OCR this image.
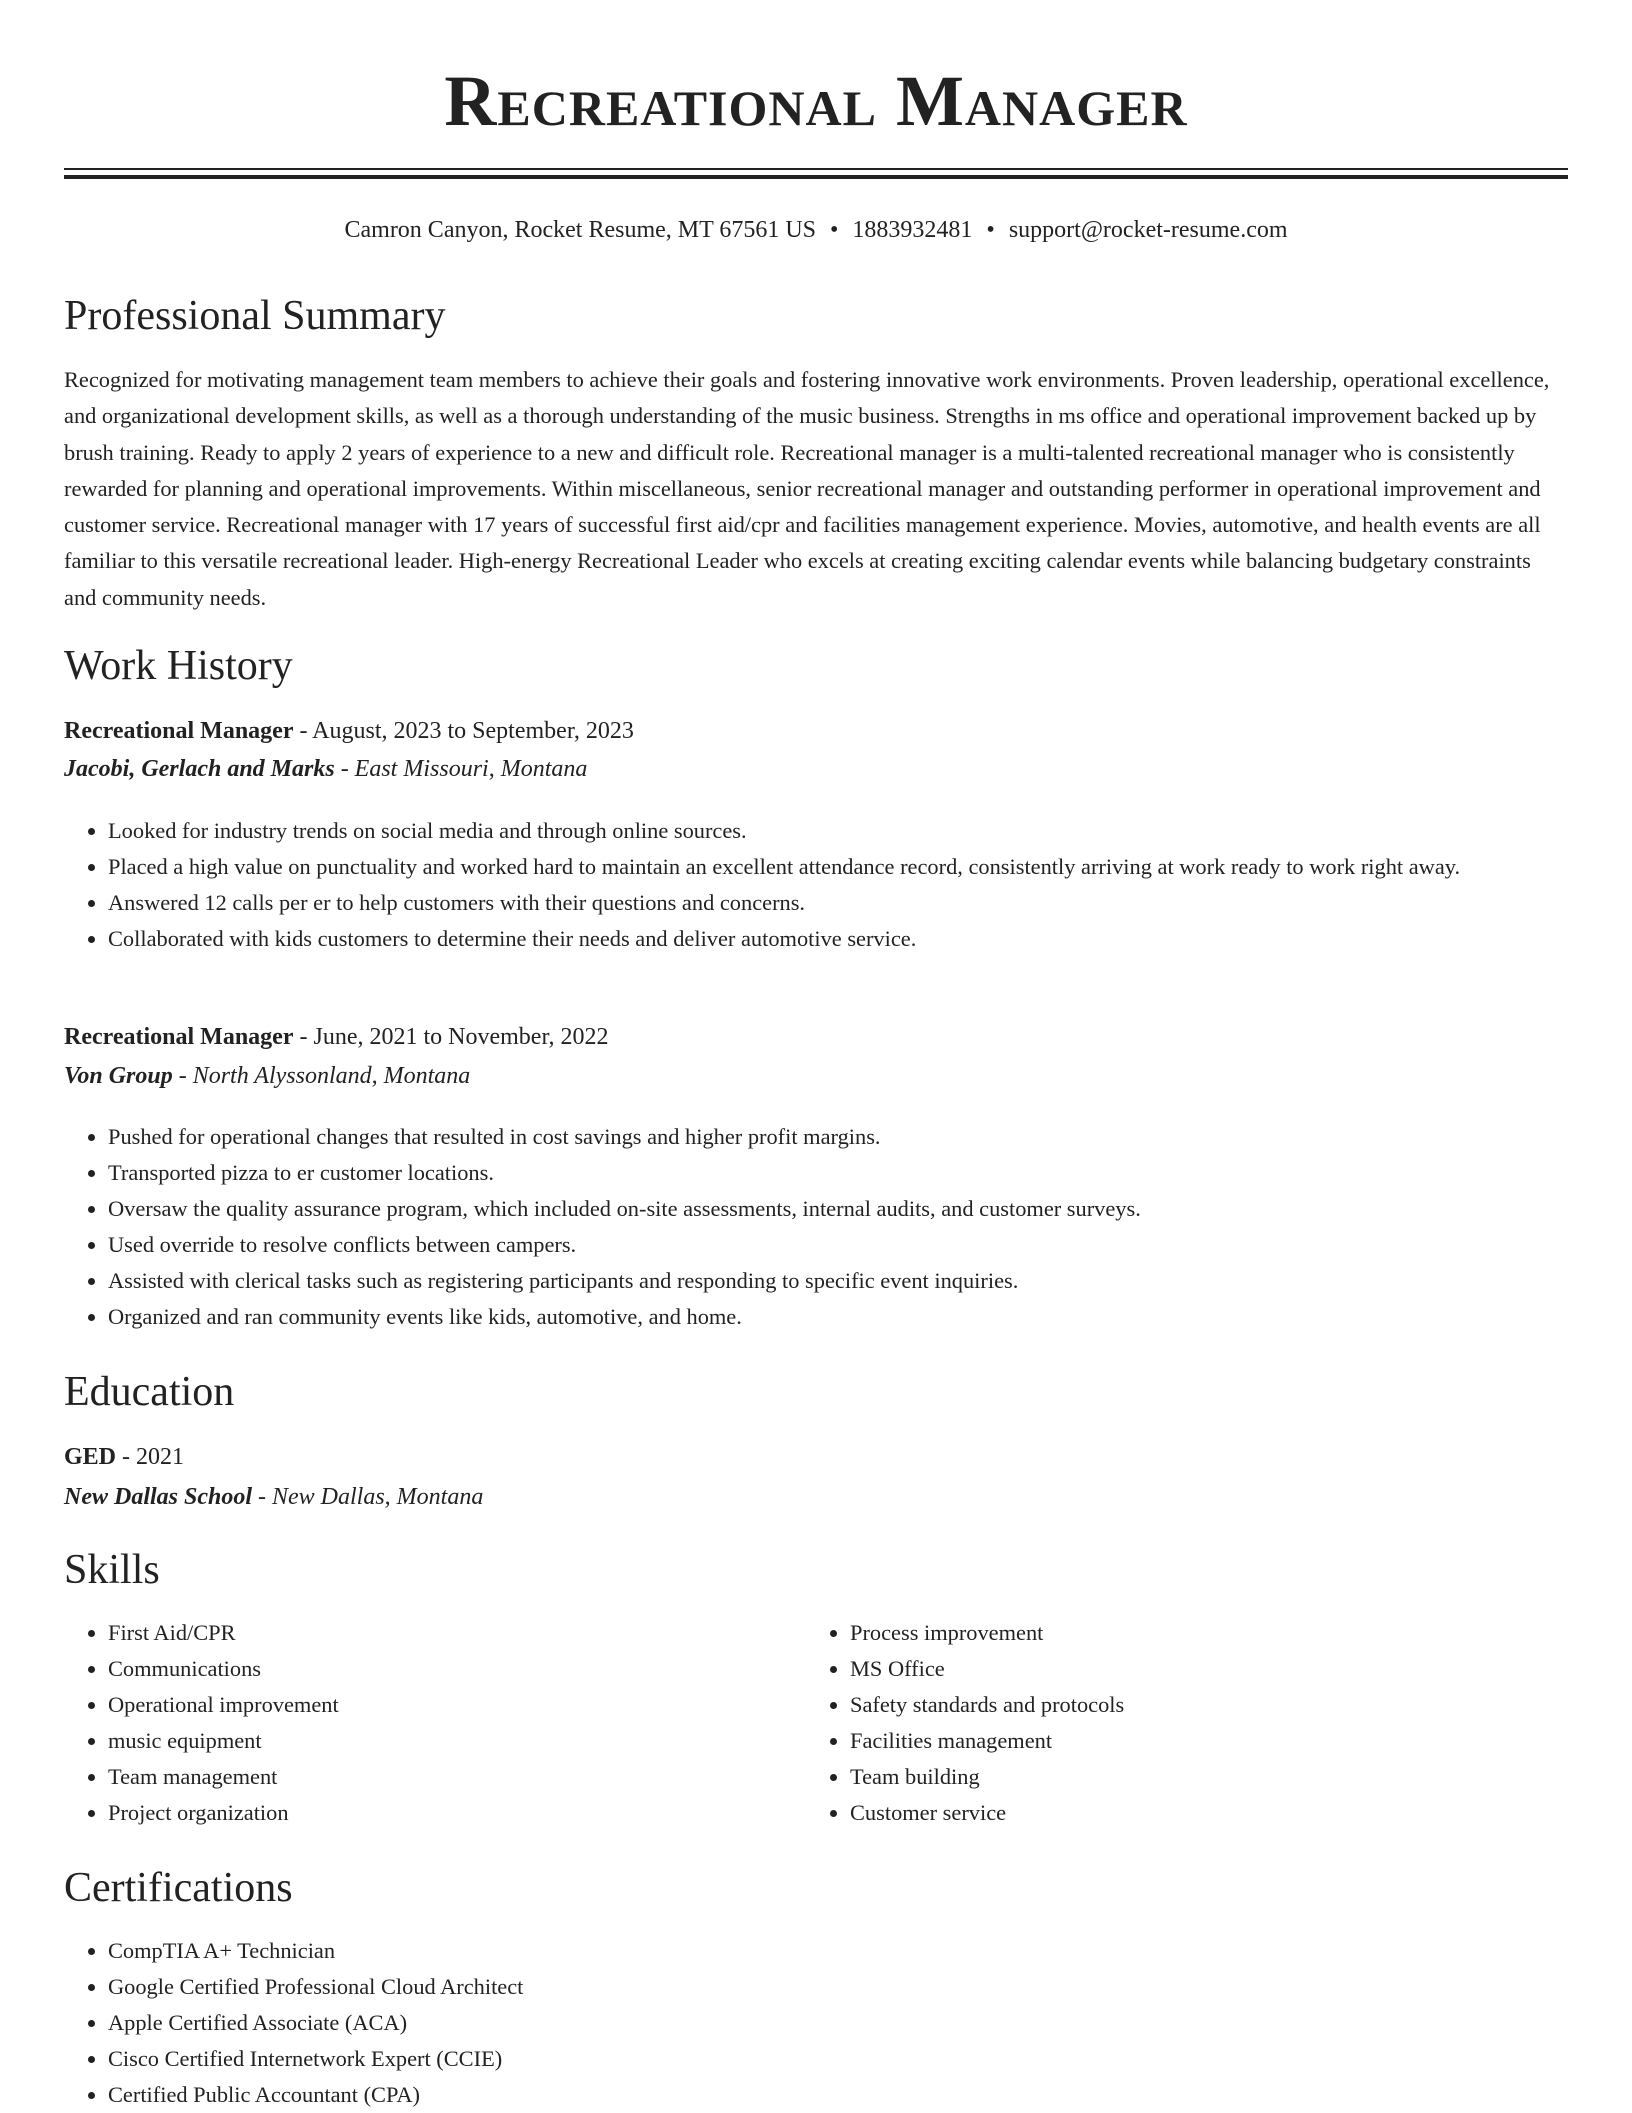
Recreational Manager
Camron Canyon, Rocket Resume, MT 67561 US • 1883932481 • support@rocket-resume.com
Professional Summary

Recognized for motivating management team members to achieve their goals and fostering innovative work environments. Proven leadership, operational excellence, and organizational development skills, as well as a thorough understanding of the music business. Strengths in ms office and operational improvement backed up by brush training. Ready to apply 2 years of experience to a new and difficult role. Recreational manager is a multi-talented recreational manager who is consistently rewarded for planning and operational improvements. Within miscellaneous, senior recreational manager and outstanding performer in operational improvement and customer service. Recreational manager with 17 years of successful first aid/cpr and facilities management experience. Movies, automotive, and health events are all familiar to this versatile recreational leader. High-energy Recreational Leader who excels at creating exciting calendar events while balancing budgetary constraints and community needs.

Work History
Recreational Manager - August, 2023 to September, 2023
Jacobi, Gerlach and Marks - East Missouri, Montana
• Looked for industry trends on social media and through online sources.
• Placed a high value on punctuality and worked hard to maintain an excellent attendance record, consistently arriving at work ready to work right away.
• Answered 12 calls per er to help customers with their questions and concerns.
• Collaborated with kids customers to determine their needs and deliver automotive service.
Recreational Manager - June, 2021 to November, 2022
Von Group - North Alyssonland, Montana
• Pushed for operational changes that resulted in cost savings and higher profit margins.
• Transported pizza to er customer locations.
• Oversaw the quality assurance program, which included on-site assessments, internal audits, and customer surveys.
• Used override to resolve conflicts between campers.
• Assisted with clerical tasks such as registering participants and responding to specific event inquiries.
• Organized and ran community events like kids, automotive, and home.
Education
GED - 2021
New Dallas School - New Dallas, Montana
Skills
• First Aid/CPR
• Communications
• Operational improvement
• music equipment
• Team management
• Project organization
• Process improvement
• MS Office
• Safety standards and protocols
• Facilities management
• Team building
• Customer service
Certifications
• CompTIA A+ Technician
• Google Certified Professional Cloud Architect
• Apple Certified Associate (ACA)
• Cisco Certified Internetwork Expert (CCIE)
• Certified Public Accountant (CPA)
